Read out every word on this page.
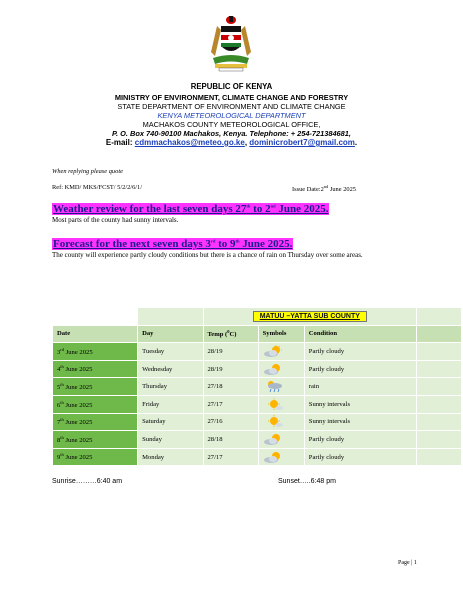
REPUBLIC OF KENYA
MINISTRY OF ENVIRONMENT, CLIMATE CHANGE AND FORESTRY
STATE DEPARTMENT OF ENVIRONMENT AND CLIMATE CHANGE
KENYA METEOROLOGICAL DEPARTMENT
MACHAKOS COUNTY METEOROLOGICAL OFFICE,
P. O. Box 740-90100 Machakos, Kenya. Telephone: + 254-721384681,
E-mail: cdmmachakos@meteo.go.ke, dominicrobert7@gmail.com.
When replying please quote
Ref: KMD/ MKS/FCST/ 5/2/2/6/1/	Issue Date:2nd June 2025
Weather review for the last seven days 27th to 2nd June 2025.
Most parts of the county had sunny intervals.
Forecast for the next seven days 3rd to 9th June 2025.
The county will experience partly cloudy conditions but there is a chance of rain on Thursday over some areas.
		MATUU –YATTA SUB COUNTY			
Date	Day	Temp ($^0$C)	Symbols	Condition	
3rd June 2025	Tuesday	28/19		Partly cloudy	
4th June 2025	Wednesday	28/19		Partly cloudy	
5th June 2025	Thursday	27/18		rain	
6th June 2025	Friday	27/17		Sunny intervals	
7th June 2025	Saturday	27/16		Sunny intervals	
8th June 2025	Sunday	28/18		Partly cloudy	
9th June 2025	Monday	27/17		Partly cloudy	
Sunrise………6:40 am	Sunset…..6:48 pm
Page | 1
